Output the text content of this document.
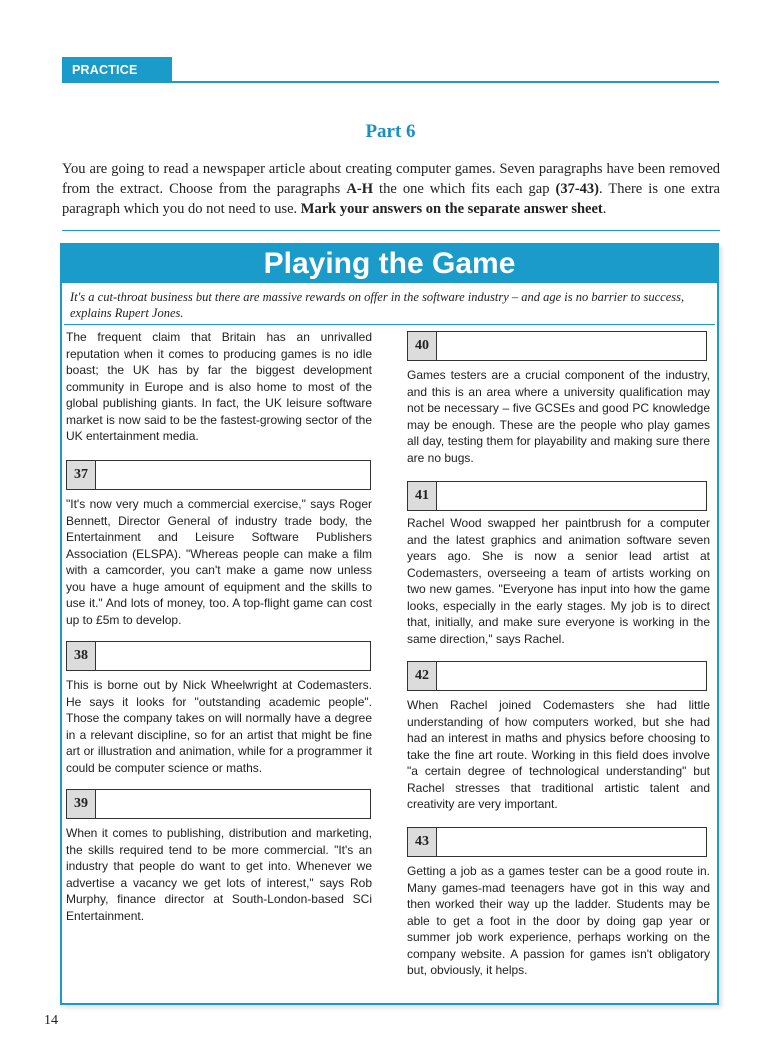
PRACTICE TEST 1
Part 6
You are going to read a newspaper article about creating computer games. Seven paragraphs have been removed from the extract. Choose from the paragraphs A-H the one which fits each gap (37-43). There is one extra paragraph which you do not need to use. Mark your answers on the separate answer sheet.
Playing the Game
It's a cut-throat business but there are massive rewards on offer in the software industry – and age is no barrier to success, explains Rupert Jones.
The frequent claim that Britain has an unrivalled reputation when it comes to producing games is no idle boast; the UK has by far the biggest development community in Europe and is also home to most of the global publishing giants. In fact, the UK leisure software market is now said to be the fastest-growing sector of the UK entertainment media.
37
"It's now very much a commercial exercise," says Roger Bennett, Director General of industry trade body, the Entertainment and Leisure Software Publishers Association (ELSPA). "Whereas people can make a film with a camcorder, you can't make a game now unless you have a huge amount of equipment and the skills to use it." And lots of money, too. A top-flight game can cost up to £5m to develop.
38
This is borne out by Nick Wheelwright at Codemasters. He says it looks for "outstanding academic people". Those the company takes on will normally have a degree in a relevant discipline, so for an artist that might be fine art or illustration and animation, while for a programmer it could be computer science or maths.
39
When it comes to publishing, distribution and marketing, the skills required tend to be more commercial. "It's an industry that people do want to get into. Whenever we advertise a vacancy we get lots of interest," says Rob Murphy, finance director at South-London-based SCi Entertainment.
40
Games testers are a crucial component of the industry, and this is an area where a university qualification may not be necessary – five GCSEs and good PC knowledge may be enough. These are the people who play games all day, testing them for playability and making sure there are no bugs.
41
Rachel Wood swapped her paintbrush for a computer and the latest graphics and animation software seven years ago. She is now a senior lead artist at Codemasters, overseeing a team of artists working on two new games. "Everyone has input into how the game looks, especially in the early stages. My job is to direct that, initially, and make sure everyone is working in the same direction," says Rachel.
42
When Rachel joined Codemasters she had little understanding of how computers worked, but she had had an interest in maths and physics before choosing to take the fine art route. Working in this field does involve "a certain degree of technological understanding" but Rachel stresses that traditional artistic talent and creativity are very important.
43
Getting a job as a games tester can be a good route in. Many games-mad teenagers have got in this way and then worked their way up the ladder. Students may be able to get a foot in the door by doing gap year or summer job work experience, perhaps working on the company website. A passion for games isn't obligatory but, obviously, it helps.
14
